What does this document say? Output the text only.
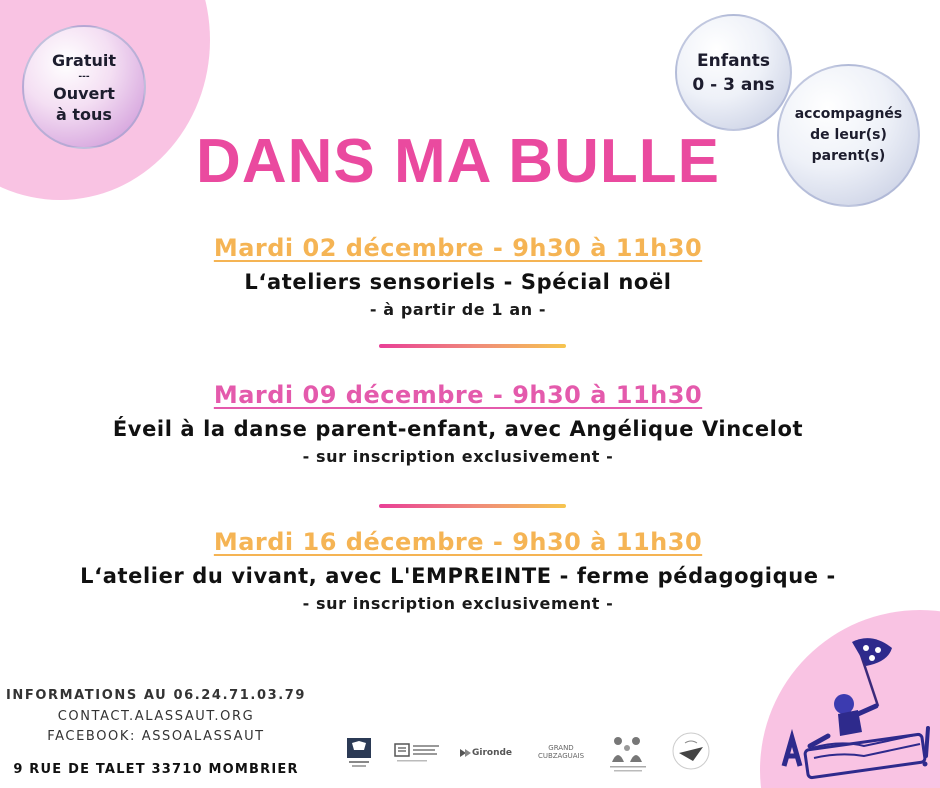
Gratuit
---
Ouvert
à tous
Enfants
0 - 3 ans
accompagnés
de leur(s)
parent(s)
DANS MA BULLE
Mardi 02 décembre - 9h30 à 11h30
L‘ateliers sensoriels - Spécial noël
- à partir de 1 an -
Mardi 09 décembre - 9h30 à 11h30
Éveil à la danse parent-enfant, avec Angélique Vincelot
- sur inscription exclusivement -
Mardi 16 décembre - 9h30 à 11h30
L‘atelier du vivant, avec L'EMPREINTE - ferme pédagogique -
- sur inscription exclusivement -
INFORMATIONS AU 06.24.71.03.79
CONTACT.ALASSAUT.ORG
FACEBOOK: ASSOALASSAUT
9 RUE DE TALET 33710 MOMBRIER
Gironde	GRAND
CUBZAGUAIS
